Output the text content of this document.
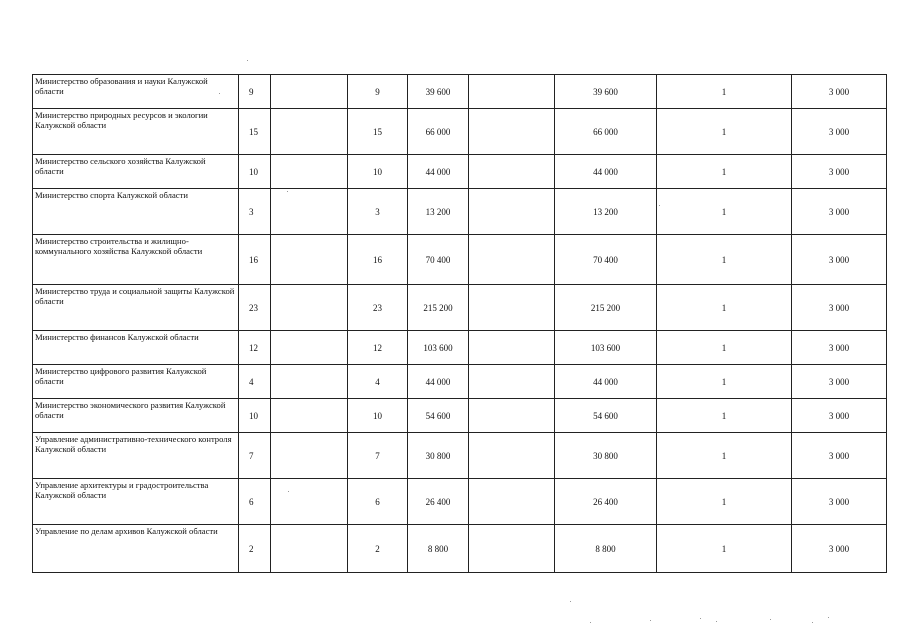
Министерство образования и науки Калужской области	9		9	39 600		39 600	1	3 000
Министерство природных ресурсов и экологии Калужской области	15		15	66 000		66 000	1	3 000
Министерство сельского хозяйства Калужской области	10		10	44 000		44 000	1	3 000
Министерство спорта Калужской области	3		3	13 200		13 200	1	3 000
Министерство строительства и жилищно-коммунального хозяйства Калужской области	16		16	70 400		70 400	1	3 000
Министерство труда и социальной защиты Калужской области	23		23	215 200		215 200	1	3 000
Министерство финансов Калужской области	12		12	103 600		103 600	1	3 000
Министерство цифрового развития Калужской области	4		4	44 000		44 000	1	3 000
Министерство экономического развития Калужской области	10		10	54 600		54 600	1	3 000
Управление административно-технического контроля Калужской области	7		7	30 800		30 800	1	3 000
Управление архитектуры и градостроительства Калужской области	6		6	26 400		26 400	1	3 000
Управление по делам архивов Калужской области	2		2	8 800		8 800	1	3 000
